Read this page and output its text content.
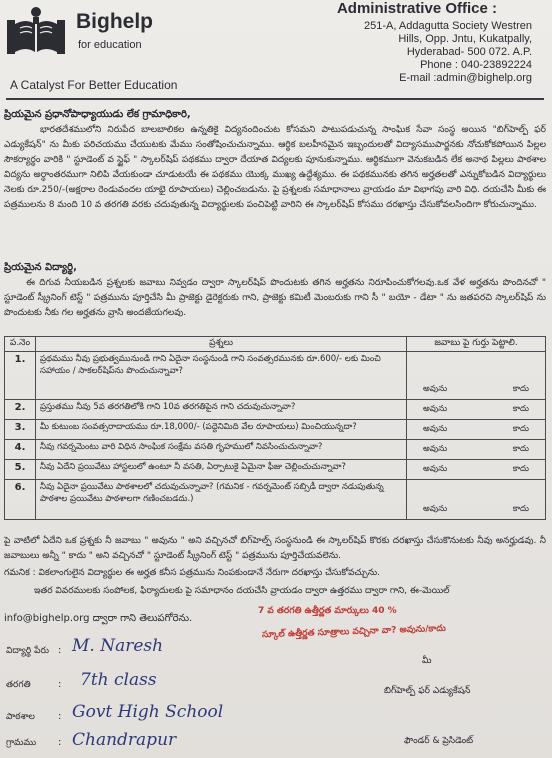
Bighelp
for education
A Catalyst For Better Education
Administrative Office :
251-A, Addagutta Society Westren
Hills, Opp. Jntu, Kukatpally,
Hyderabad- 500 072. A.P.
Phone : 040-23892224
E-mail :admin@bighelp.org
ప్రియమైన ప్రధానోపాధ్యాయుడు లేక గ్రామాధికారి,
భారతదేశములోని నిరుపేద బాలబాలికల ఉన్నతికై విద్యనందించుట కోసమని పాటుపడుచున్న సాంఘిక సేవా సంస్థ అయిన "బిగ్‌హెల్ప్ ఫర్ ఎడ్యుకేషన్" ను మీకు పరిచయము చేయుటకు మేము సంతోషించుచున్నాము. ఆర్థిక బలహీనమైన ఇబ్బందులతో విద్యాసముపార్జనకు నోచుకోకపోయిన పిల్లల సౌకర్యార్థం వారికి " స్టూడెంట్ వ స్టైఫ్ " స్కాలర్‌షిప్ పథకము ద్వారా దేయాత విద్యలకు పూనుకున్నాము. ఆర్థికముగా వెనుకబడిన లేక అనాథ పిల్లలు పాఠశాల విద్యను అర్ధాంతరముగా నిలిపి వేయకుండా చూడుటయే ఈ పథకము యొక్క ముఖ్య ఉద్దేశ్యము. ఈ పథకమునకు తగిన అర్హతలతో ఎన్నుకోబడిన విద్యార్థులు నెలకు రూ.250/-(అక్షరాల రెండువందల యాభై రూపాయలు) చెల్లించబడును. పై ప్రశ్నలకు సమాధానాలు వ్రాయడం మా విభాగపు వారి విధి. దయచేసి మీకు ఈ పత్రములను 8 మంది 10 వ తరగతి వరకు చదువుతున్న విద్యార్థులకు పంచిపెట్టి వారిని ఈ స్కాలర్‌షిప్ కోసము దరఖాస్తు చేసుకోవలసిందిగా కోరుచున్నాము.
ప్రియమైన విద్యార్థి,
ఈ దిగువ నీయబడిన ప్రశ్నలకు జవాబు నివ్వడం ద్వారా స్కాలర్‌షిప్ పొందుటకు తగిన అర్హతను నిరూపించుకోగలవు.ఒక వేళ అర్హతను పొందినచో " స్టూడెంట్ స్క్రీనింగ్ టెస్ట్ " పత్రమును పూర్తిచేసి మీ ప్రాజెక్టు డైరెక్టరుకు గాని, ప్రాజెక్టు కమిటీ మెంబరుకు గాని సీ " బయో - డేటా " ను జతపరచి స్కాలర్‌షిప్ ను పొందుటకు నీకు గల అర్హతను వ్రాసి అందజేయగలవు.
ప.నెం	ప్రశ్నలు	జవాబు పై గుర్తు పెట్టాలి.
1.	ప్రథమము నీవు ప్రభుత్వమునుండి గాని ఏదైనా సంస్థనుండి గాని సంవత్సరమునకు రూ.600/- లకు మించి సహాయం / సాకలర్‌షిప్‌ను పొందుచున్నావా?	అవును కాదు

2.	ప్రస్తుతము నీవు 5వ తరగతిలోకి గాని 10వ తరగతిపైన గాని చదువుచున్నావా?	అవును కాదు

3.	మీ కుటుంబ సంవత్సరాదాయము రూ.18,000/- (పద్దెనిమిది వేల రూపాయలు) మించియున్నదా?	అవును కాదు

4.	నీవు గవర్నమెంటు వారి విధిన సాంఘిక సంక్షేమ వసతి గృహములో నివసించుచున్నావా?	అవును కాదు

5.	నీవు ఏదేని ప్రయివేటు హాస్టలులో ఉంటూ నీ వసతి, ఏర్పాటుకై ఏమైనా ఫీజు చెల్లించుచున్నావా?	అవును కాదు

6.	నీవు ఏదైనా ప్రయివేటు పాఠశాలలో చదువుచున్నావా? (గమనిక - గవర్నమెంట్ సబ్సిడీ ద్వారా నడుపుతున్న పాఠశాల ప్రయివేటు పాఠశాలగా గణించబడదు.)	అవును కాదు
పై వాటిలో ఏదేని ఒక ప్రశ్నకు నీ జవాబు " అవును " అని వచ్చినచో బిగ్‌హెల్ప్ సంస్థనుండి ఈ స్కాలర్‌షిప్ కొరకు దరఖాస్తు చేసుకొనుటకు నీవు అనర్హుడవు. నీ జవాబులు అన్నీ " కాదు " అని వచ్చినచో " స్టూడెంట్ స్క్రీనింగ్ టెస్ట్ " పత్రమును పూర్తిచేయవలెను.
గమనిక : వికలాంగులైన విద్యార్థుల ఈ అర్హత కనీస పత్రమును నింపకుండానే నేరుగా దరఖాస్తు చేసుకోవచ్చును.
ఇతర వివరములకు సంపోలక, ఫిర్యాదులకు పై సమాధానం దయచేసి వ్రాయడం ద్వారా ఉత్తరము ద్వారా గాని, ఈ-మెయిల్
info@bighelp.org ద్వారా గాని తెలుపగోరెను.
7 వ తరగతి ఉత్తీర్ణత మార్కులు 40 %
స్కూల్ ఉత్తీర్ణత సూత్రాలు వచ్చినా వా? అవును/కాదు
విద్యార్థి పేరు : M. Naresh
తరగతి	: 7th class
పాఠశాల : Govt High School
గ్రామము : Chandrapur
మీ
బిగ్‌హెల్ప్ ఫర్ ఎడ్యుకేషన్
ఫౌండర్ & ప్రెసిడెంట్
